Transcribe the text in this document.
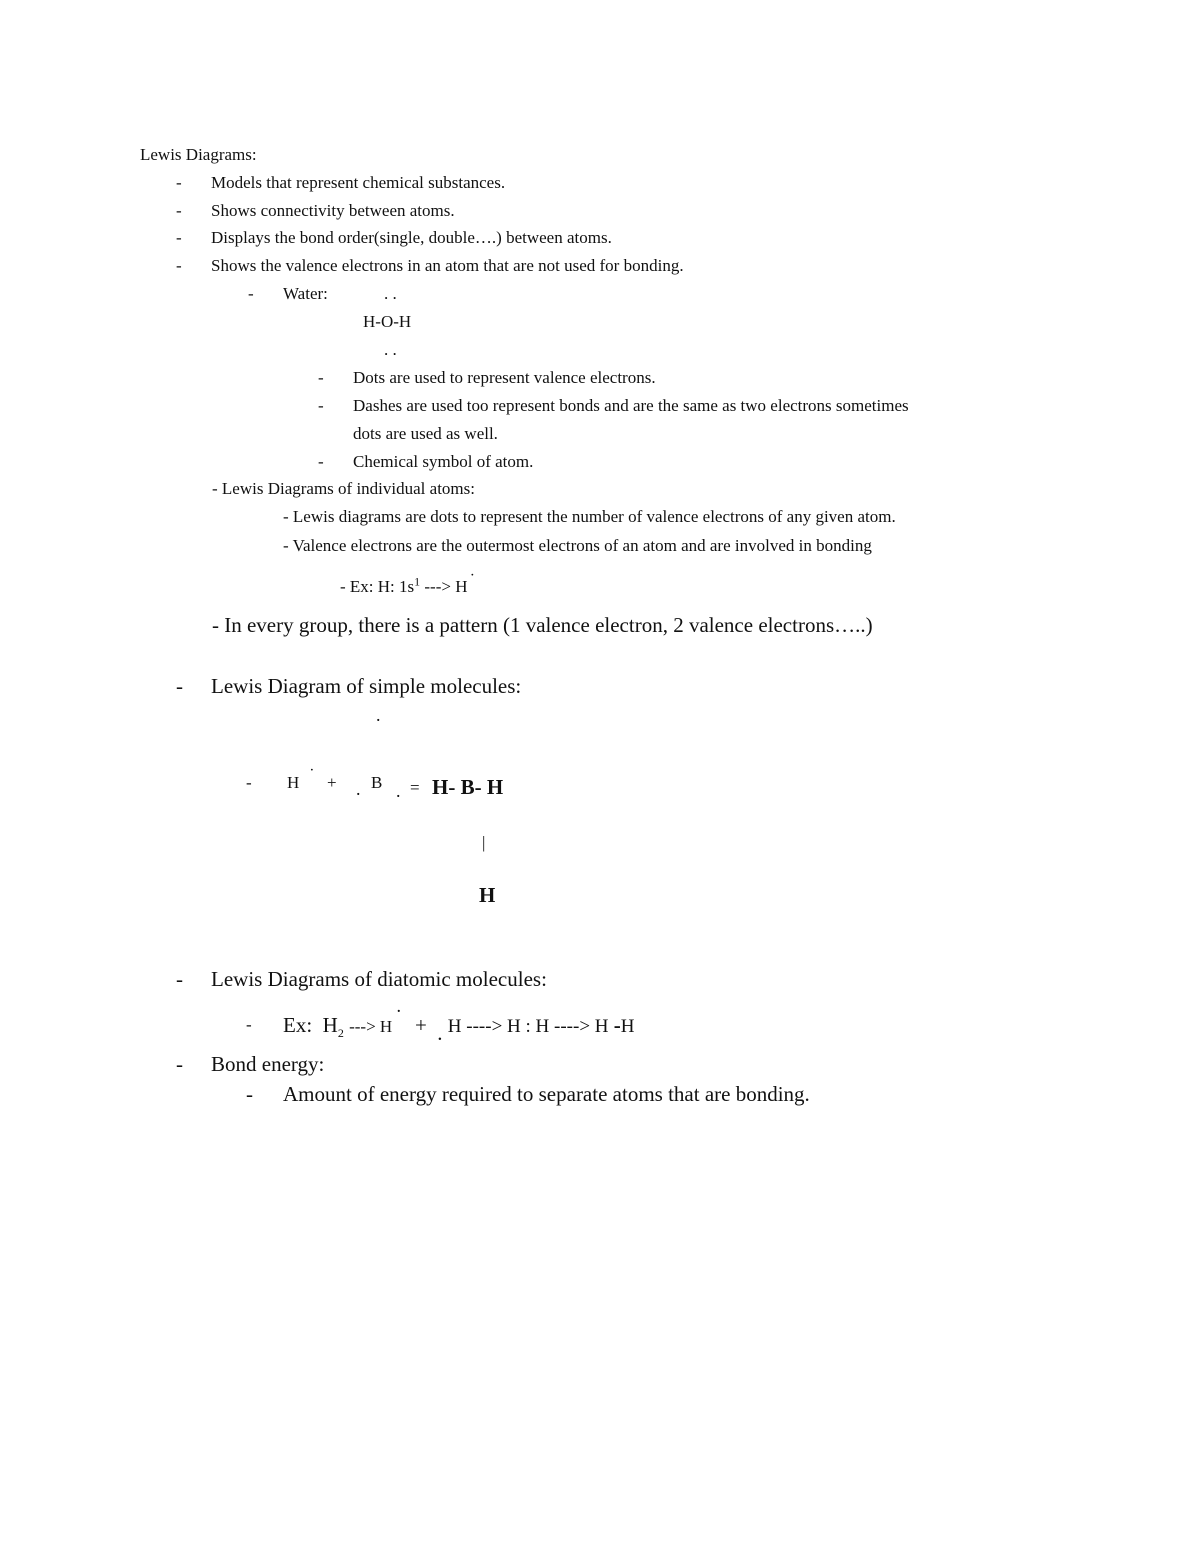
Lewis Diagrams:
- Models that represent chemical substances.
- Shows connectivity between atoms.
- Displays the bond order(single, double….) between atoms.
- Shows the valence electrons in an atom that are not used for bonding.
- Water:	. .
H-O-H
. .
- Dots are used to represent valence electrons.
- Dashes are used too represent bonds and are the same as two electrons sometimes
dots are used as well.
- Chemical symbol of atom.
- Lewis Diagrams of individual atoms:
- Lewis diagrams are dots to represent the number of valence electrons of any given atom.
- Valence electrons are the outermost electrons of an atom and are involved in bonding
- Ex: H: $1s^1$ ---> H ˙
- In every group, there is a pattern (1 valence electron, 2 valence electrons…..)
- Lewis Diagram of simple molecules:
.
- H ˙ + . B . = H- B- H
|
H
- Lewis Diagrams of diatomic molecules:
- Ex: $H_2$ ---> H ˙ + . H ----> H : H ----> H -H
- Bond energy:
- Amount of energy required to separate atoms that are bonding.
